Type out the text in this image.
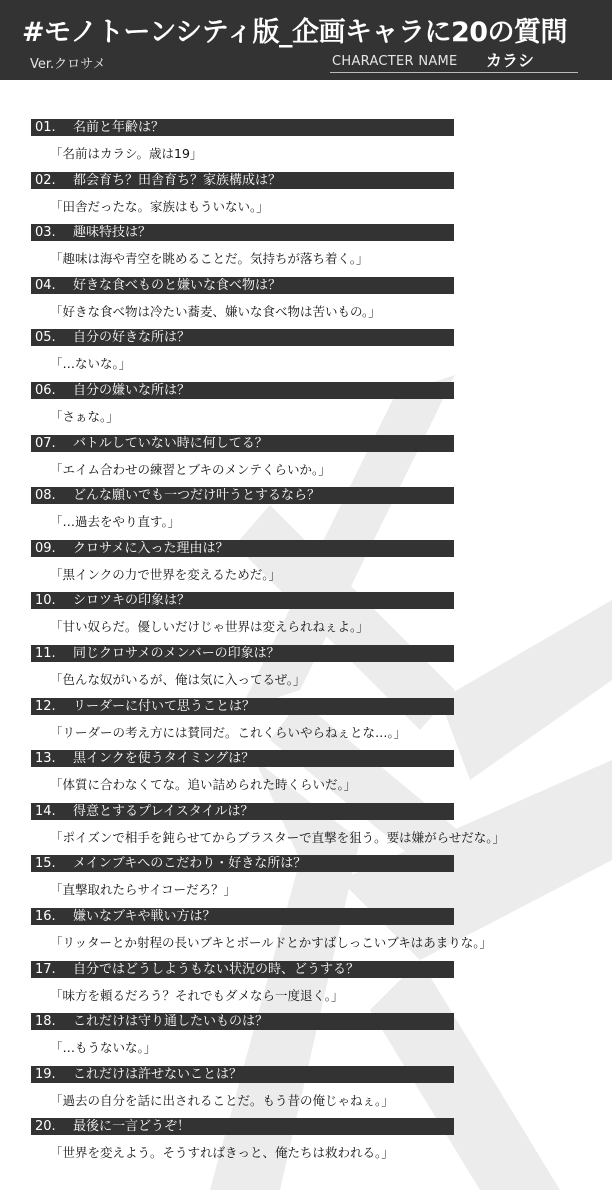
#モノトーンシティ版_企画キャラに20の質問
Ver.クロサメ	CHARACTER NAME カラシ
01. 名前と年齢は？
「名前はカラシ。歳は19」
02. 都会育ち？田舎育ち？家族構成は？
「田舎だったな。家族はもういない。」
03. 趣味特技は？
「趣味は海や青空を眺めることだ。気持ちが落ち着く。」
04. 好きな食べものと嫌いな食べ物は？
「好きな食べ物は冷たい蕎麦、嫌いな食べ物は苦いもの。」
05. 自分の好きな所は？
「…ないな。」
06. 自分の嫌いな所は？
「さぁな。」
07. バトルしていない時に何してる？
「エイム合わせの練習とブキのメンテくらいか。」
08. どんな願いでも一つだけ叶うとするなら？
「…過去をやり直す。」
09. クロサメに入った理由は？
「黒インクの力で世界を変えるためだ。」
10. シロツキの印象は？
「甘い奴らだ。優しいだけじゃ世界は変えられねぇよ。」
11. 同じクロサメのメンバーの印象は？
「色んな奴がいるが、俺は気に入ってるぜ。」
12. リーダーに付いて思うことは？
「リーダーの考え方には賛同だ。これくらいやらねぇとな…。」
13. 黒インクを使うタイミングは？
「体質に合わなくてな。追い詰められた時くらいだ。」
14. 得意とするプレイスタイルは？
「ポイズンで相手を鈍らせてからブラスターで直撃を狙う。要は嫌がらせだな。」
15. メインブキへのこだわり・好きな所は？
「直撃取れたらサイコーだろ？」
16. 嫌いなブキや戦い方は？
「リッターとか射程の長いブキとボールドとかすばしっこいブキはあまりな。」
17. 自分ではどうしようもない状況の時、どうする？
「味方を頼るだろう？それでもダメなら一度退く。」
18. これだけは守り通したいものは？
「…もうないな。」
19. これだけは許せないことは？
「過去の自分を話に出されることだ。もう昔の俺じゃねぇ。」
20. 最後に一言どうぞ！
「世界を変えよう。そうすればきっと、俺たちは救われる。」
